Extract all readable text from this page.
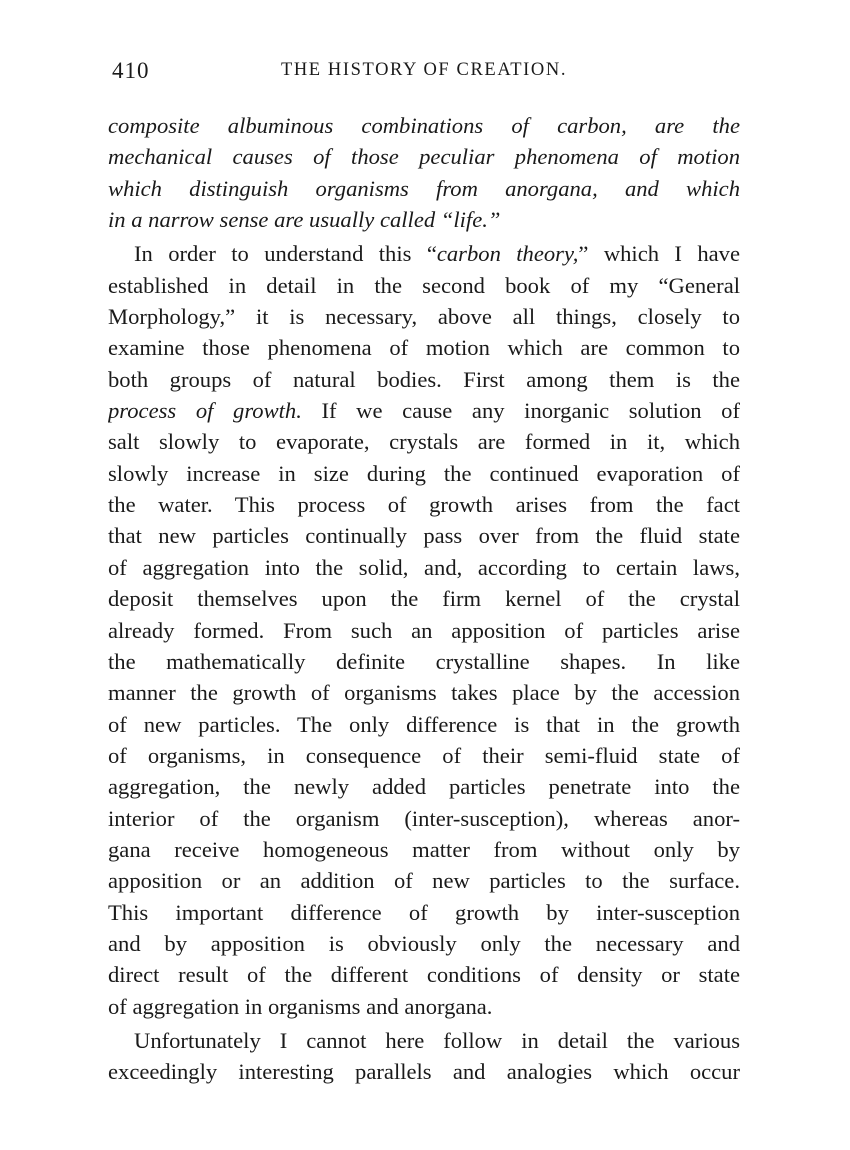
410	THE HISTORY OF CREATION.
composite albuminous combinations of carbon, are the
mechanical causes of those peculiar phenomena of motion
which distinguish organisms from anorgana, and which
in a narrow sense are usually called “life.”
In order to understand this “carbon theory,” which I have
established in detail in the second book of my “General
Morphology,” it is necessary, above all things, closely to
examine those phenomena of motion which are common to
both groups of natural bodies. First among them is the
process of growth. If we cause any inorganic solution of
salt slowly to evaporate, crystals are formed in it, which
slowly increase in size during the continued evaporation of
the water. This process of growth arises from the fact
that new particles continually pass over from the fluid state
of aggregation into the solid, and, according to certain laws,
deposit themselves upon the firm kernel of the crystal
already formed. From such an apposition of particles arise
the mathematically definite crystalline shapes. In like
manner the growth of organisms takes place by the accession
of new particles. The only difference is that in the growth
of organisms, in consequence of their semi-fluid state of
aggregation, the newly added particles penetrate into the
interior of the organism (inter-susception), whereas anor-
gana receive homogeneous matter from without only by
apposition or an addition of new particles to the surface.
This important difference of growth by inter-susception
and by apposition is obviously only the necessary and
direct result of the different conditions of density or state
of aggregation in organisms and anorgana.
Unfortunately I cannot here follow in detail the various
exceedingly interesting parallels and analogies which occur
